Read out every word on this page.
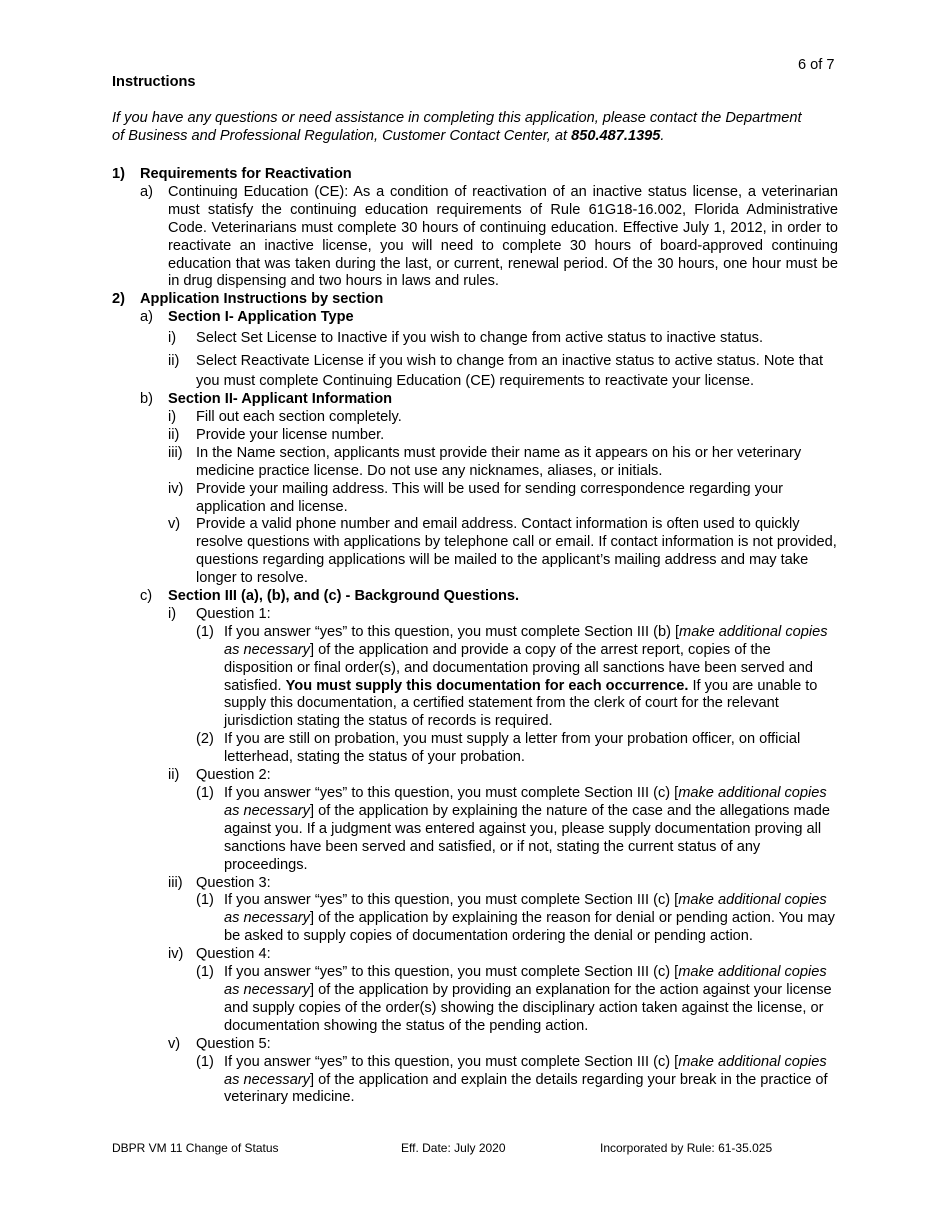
6 of 7
Instructions
If you have any questions or need assistance in completing this application, please contact the Department of Business and Professional Regulation, Customer Contact Center, at 850.487.1395.
1)	Requirements for Reactivation
a)	Continuing Education (CE): As a condition of reactivation of an inactive status license, a veterinarian must statisfy the continuing education requirements of Rule 61G18-16.002, Florida Administrative Code. Veterinarians must complete 30 hours of continuing education. Effective July 1, 2012, in order to reactivate an inactive license, you will need to complete 30 hours of board-approved continuing education that was taken during the last, or current, renewal period. Of the 30 hours, one hour must be in drug dispensing and two hours in laws and rules.
2)	Application Instructions by section
a)	Section I- Application Type
i)	Select Set License to Inactive if you wish to change from active status to inactive status.
ii)	Select Reactivate License if you wish to change from an inactive status to active status. Note that you must complete Continuing Education (CE) requirements to reactivate your license.
b)	Section II- Applicant Information
i)	Fill out each section completely.
ii)	Provide your license number.
iii) In the Name section, applicants must provide their name as it appears on his or her veterinary medicine practice license. Do not use any nicknames, aliases, or initials.
iv) Provide your mailing address. This will be used for sending correspondence regarding your application and license.
v)	Provide a valid phone number and email address. Contact information is often used to quickly resolve questions with applications by telephone call or email. If contact information is not provided, questions regarding applications will be mailed to the applicant’s mailing address and may take longer to resolve.
c)	Section III (a), (b), and (c) - Background Questions.
i)	Question 1:
(1) If you answer “yes” to this question, you must complete Section III (b) [make additional copies as necessary] of the application and provide a copy of the arrest report, copies of the disposition or final order(s), and documentation proving all sanctions have been served and satisfied. You must supply this documentation for each occurrence. If you are unable to supply this documentation, a certified statement from the clerk of court for the relevant jurisdiction stating the status of records is required.
(2) If you are still on probation, you must supply a letter from your probation officer, on official letterhead, stating the status of your probation.
ii)	Question 2:
(1) If you answer “yes” to this question, you must complete Section III (c) [make additional copies as necessary] of the application by explaining the nature of the case and the allegations made against you. If a judgment was entered against you, please supply documentation proving all sanctions have been served and satisfied, or if not, stating the current status of any proceedings.
iii) Question 3:
(1) If you answer “yes” to this question, you must complete Section III (c) [make additional copies as necessary] of the application by explaining the reason for denial or pending action. You may be asked to supply copies of documentation ordering the denial or pending action.
iv) Question 4:
(1) If you answer “yes” to this question, you must complete Section III (c) [make additional copies as necessary] of the application by providing an explanation for the action against your license and supply copies of the order(s) showing the disciplinary action taken against the license, or documentation showing the status of the pending action.
v)	Question 5:
(1) If you answer “yes” to this question, you must complete Section III (c) [make additional copies as necessary] of the application and explain the details regarding your break in the practice of veterinary medicine.
DBPR VM 11 Change of Status	Eff. Date: July 2020	Incorporated by Rule: 61-35.025
